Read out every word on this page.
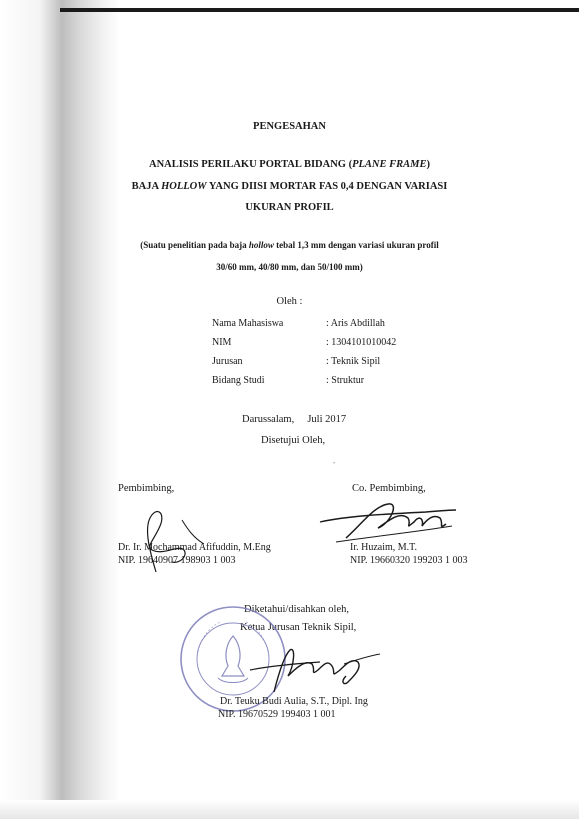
PENGESAHAN
ANALISIS PERILAKU PORTAL BIDANG (PLANE FRAME)
BAJA HOLLOW YANG DIISI MORTAR FAS 0,4 DENGAN VARIASI
UKURAN PROFIL
(Suatu penelitian pada baja hollow tebal 1,3 mm dengan variasi ukuran profil
30/60 mm, 40/80 mm, dan 50/100 mm)
Oleh :
Nama Mahasiswa	: Aris Abdillah
NIM	: 1304101010042
Jurusan	: Teknik Sipil
Bidang Studi	: Struktur
Darussalam,     Juli 2017
Disetujui Oleh,
•
Pembimbing,	Co. Pembimbing,
Dr. Ir. Mochammad Afifuddin, M.Eng
NIP. 19640907 198903 1 003
Ir. Huzaim, M.T.
NIP. 19660320 199203 1 003
Diketahui/disahkan oleh,
Ketua Jurusan Teknik Sipil,
Dr. Teuku Budi Aulia, S.T., Dipl. Ing
NIP. 19670529 199403 1 001
